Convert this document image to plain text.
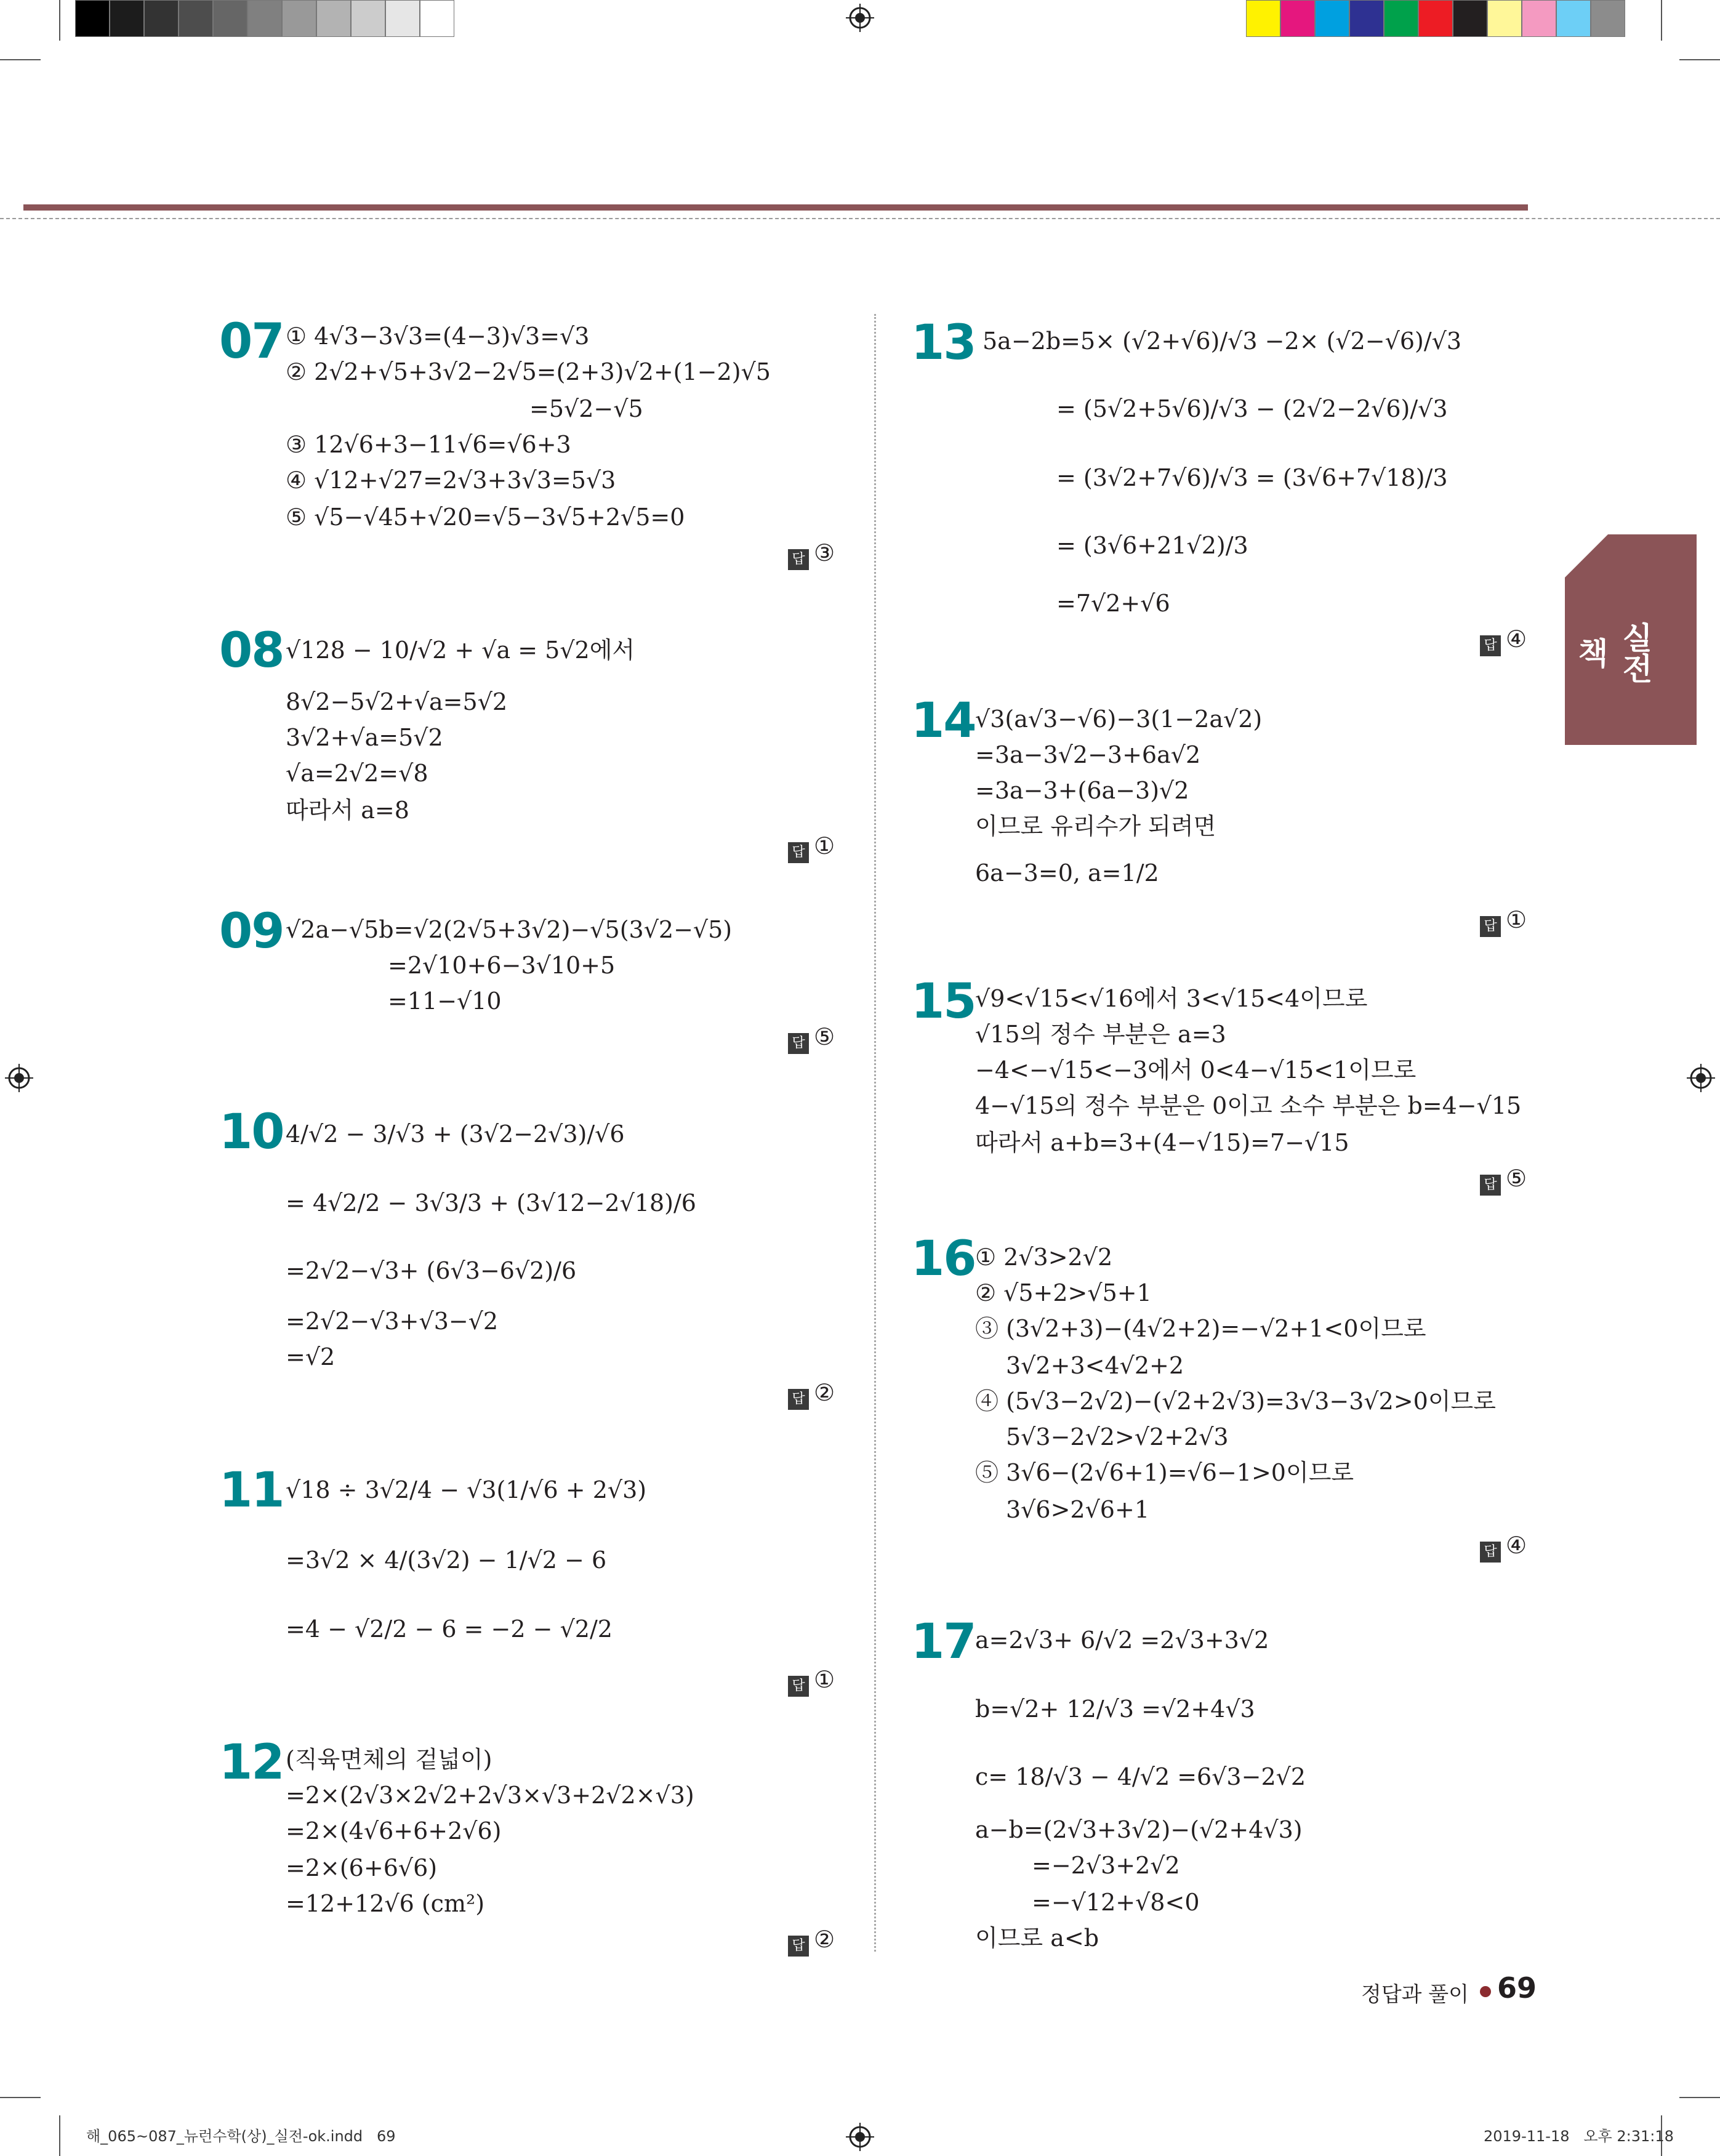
실전책
07 ① 4√3−3√3=(4−3)√3=√3
② 2√2+√5+3√2−2√5=(2+3)√2+(1−2)√5
=5√2−√5
③ 12√6+3−11√6=√6+3
④ √12+√27=2√3+3√3=5√3
⑤ √5−√45+√20=√5−3√5+2√5=0
답 ③
08 √128 − 10/√2 + √a = 5√2에서
8√2−5√2+√a=5√2
3√2+√a=5√2
√a=2√2=√8
따라서 a=8
답 ①
09 √2a−√5b=√2(2√5+3√2)−√5(3√2−√5)
=2√10+6−3√10+5
=11−√10
답 ⑤
10 4/√2 − 3/√3 + (3√2−2√3)/√6
= 4√2/2 − 3√3/3 + (3√12−2√18)/6
=2√2−√3+ (6√3−6√2)/6
=2√2−√3+√3−√2
=√2
답 ②
11 √18 ÷ 3√2/4 − √3(1/√6 + 2√3)
=3√2 × 4/(3√2) − 1/√2 − 6
=4 − √2/2 − 6 = −2 − √2/2
답 ①
12 (직육면체의 겉넓이)
=2×(2√3×2√2+2√3×√3+2√2×√3)
=2×(4√6+6+2√6)
=2×(6+6√6)
=12+12√6 (cm²)
답 ②
13 5a−2b=5× (√2+√6)/√3 −2× (√2−√6)/√3
= (5√2+5√6)/√3 − (2√2−2√6)/√3
= (3√2+7√6)/√3 = (3√6+7√18)/3
= (3√6+21√2)/3
=7√2+√6
답 ④
14 √3(a√3−√6)−3(1−2a√2)
=3a−3√2−3+6a√2
=3a−3+(6a−3)√2
이므로 유리수가 되려면
6a−3=0, a=1/2
답 ①
15 √9<√15<√16에서 3<√15<4이므로
√15의 정수 부분은 a=3
−4<−√15<−3에서 0<4−√15<1이므로
4−√15의 정수 부분은 0이고 소수 부분은 b=4−√15
따라서 a+b=3+(4−√15)=7−√15
답 ⑤
16 ① 2√3>2√2
② √5+2>√5+1
③ (3√2+3)−(4√2+2)=−√2+1<0이므로
3√2+3<4√2+2
④ (5√3−2√2)−(√2+2√3)=3√3−3√2>0이므로
5√3−2√2>√2+2√3
⑤ 3√6−(2√6+1)=√6−1>0이므로
3√6>2√6+1
답 ④
17 a=2√3+ 6/√2 =2√3+3√2
b=√2+ 12/√3 =√2+4√3
c= 18/√3 − 4/√2 =6√3−2√2
a−b=(2√3+3√2)−(√2+4√3)
=−2√3+2√2
=−√12+√8<0
이므로 a<b
정답과 풀이 69
해_065~087_뉴런수학(상)_실전-ok.indd   69	2019-11-18   오후 2:31:18
